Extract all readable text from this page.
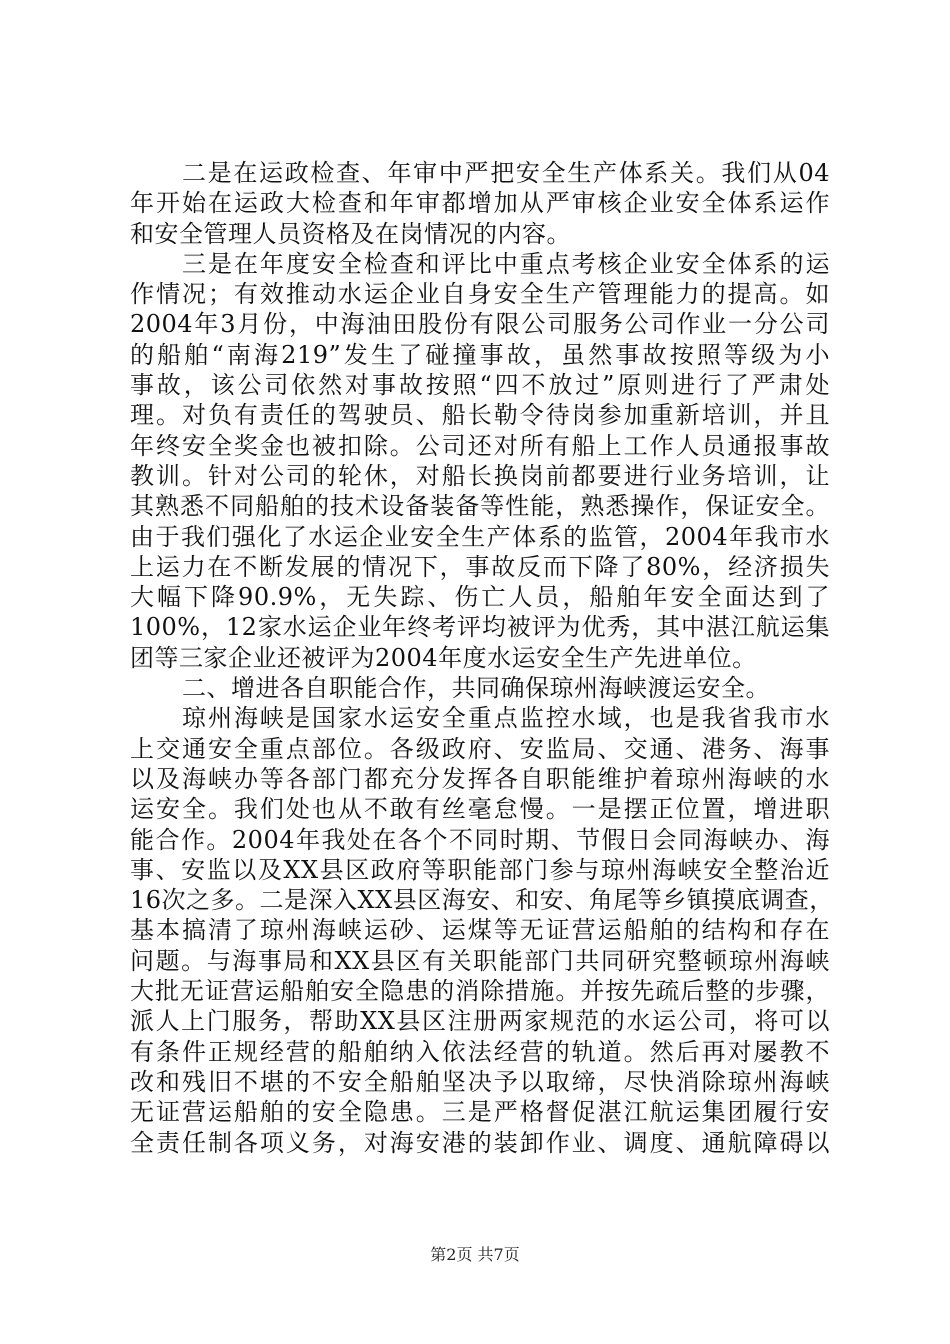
二是在运政检查、年审中严把安全生产体系关。我们从04
年开始在运政大检查和年审都增加从严审核企业安全体系运作
和安全管理人员资格及在岗情况的内容。
三是在年度安全检查和评比中重点考核企业安全体系的运
作情况；有效推动水运企业自身安全生产管理能力的提高。如
2004年3月份，中海油田股份有限公司服务公司作业一分公司
的船舶“南海219”发生了碰撞事故，虽然事故按照等级为小
事故，该公司依然对事故按照“四不放过”原则进行了严肃处
理。对负有责任的驾驶员、船长勒令待岗参加重新培训，并且
年终安全奖金也被扣除。公司还对所有船上工作人员通报事故
教训。针对公司的轮休，对船长换岗前都要进行业务培训，让
其熟悉不同船舶的技术设备装备等性能，熟悉操作，保证安全。
由于我们强化了水运企业安全生产体系的监管，2004年我市水
上运力在不断发展的情况下，事故反而下降了80%，经济损失
大幅下降90.9%，无失踪、伤亡人员，船舶年安全面达到了
100%，12家水运企业年终考评均被评为优秀，其中湛江航运集
团等三家企业还被评为2004年度水运安全生产先进单位。
二、增进各自职能合作，共同确保琼州海峡渡运安全。
琼州海峡是国家水运安全重点监控水域，也是我省我市水
上交通安全重点部位。各级政府、安监局、交通、港务、海事
以及海峡办等各部门都充分发挥各自职能维护着琼州海峡的水
运安全。我们处也从不敢有丝毫怠慢。一是摆正位置，增进职
能合作。2004年我处在各个不同时期、节假日会同海峡办、海
事、安监以及XX县区政府等职能部门参与琼州海峡安全整治近
16次之多。二是深入XX县区海安、和安、角尾等乡镇摸底调查，
基本搞清了琼州海峡运砂、运煤等无证营运船舶的结构和存在
问题。与海事局和XX县区有关职能部门共同研究整顿琼州海峡
大批无证营运船舶安全隐患的消除措施。并按先疏后整的步骤，
派人上门服务，帮助XX县区注册两家规范的水运公司，将可以
有条件正规经营的船舶纳入依法经营的轨道。然后再对屡教不
改和残旧不堪的不安全船舶坚决予以取缔，尽快消除琼州海峡
无证营运船舶的安全隐患。三是严格督促湛江航运集团履行安
全责任制各项义务，对海安港的装卸作业、调度、通航障碍以
第2页 共7页
